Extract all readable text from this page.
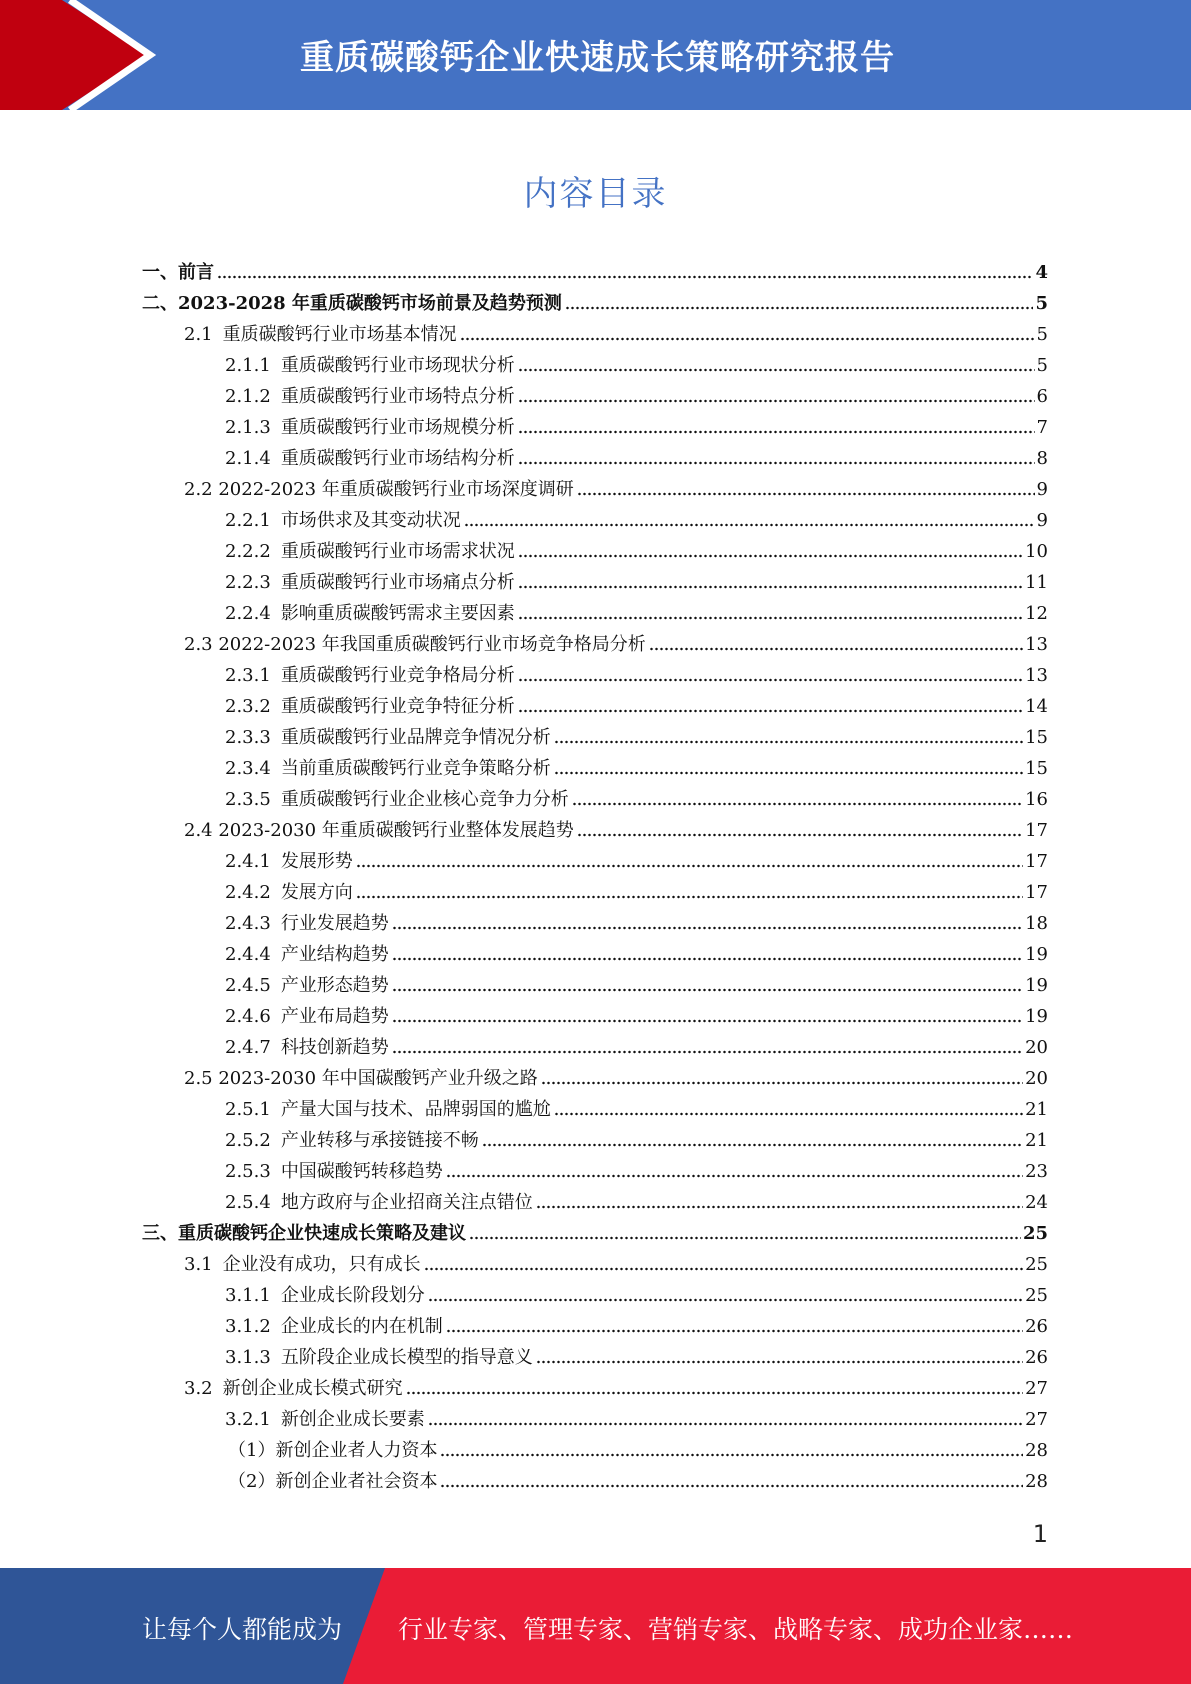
重质碳酸钙企业快速成长策略研究报告
内容目录
一、前言	4
二、2023-2028 年重质碳酸钙市场前景及趋势预测	5
2.1 重质碳酸钙行业市场基本情况	5
2.1.1 重质碳酸钙行业市场现状分析	5
2.1.2 重质碳酸钙行业市场特点分析	6
2.1.3 重质碳酸钙行业市场规模分析	7
2.1.4 重质碳酸钙行业市场结构分析	8
2.2 2022-2023 年重质碳酸钙行业市场深度调研	9
2.2.1 市场供求及其变动状况	9
2.2.2 重质碳酸钙行业市场需求状况	10
2.2.3 重质碳酸钙行业市场痛点分析	11
2.2.4 影响重质碳酸钙需求主要因素	12
2.3 2022-2023 年我国重质碳酸钙行业市场竞争格局分析	13
2.3.1 重质碳酸钙行业竞争格局分析	13
2.3.2 重质碳酸钙行业竞争特征分析	14
2.3.3 重质碳酸钙行业品牌竞争情况分析	15
2.3.4 当前重质碳酸钙行业竞争策略分析	15
2.3.5 重质碳酸钙行业企业核心竞争力分析	16
2.4 2023-2030 年重质碳酸钙行业整体发展趋势	17
2.4.1 发展形势	17
2.4.2 发展方向	17
2.4.3 行业发展趋势	18
2.4.4 产业结构趋势	19
2.4.5 产业形态趋势	19
2.4.6 产业布局趋势	19
2.4.7 科技创新趋势	20
2.5 2023-2030 年中国碳酸钙产业升级之路	20
2.5.1 产量大国与技术、品牌弱国的尴尬	21
2.5.2 产业转移与承接链接不畅	21
2.5.3 中国碳酸钙转移趋势	23
2.5.4 地方政府与企业招商关注点错位	24
三、重质碳酸钙企业快速成长策略及建议	25
3.1 企业没有成功，只有成长	25
3.1.1 企业成长阶段划分	25
3.1.2 企业成长的内在机制	26
3.1.3 五阶段企业成长模型的指导意义	26
3.2 新创企业成长模式研究	27
3.2.1 新创企业成长要素	27
（1）新创企业者人力资本	28
（2）新创企业者社会资本	28
1
让每个人都能成为 行业专家、管理专家、营销专家、战略专家、成功企业家……
